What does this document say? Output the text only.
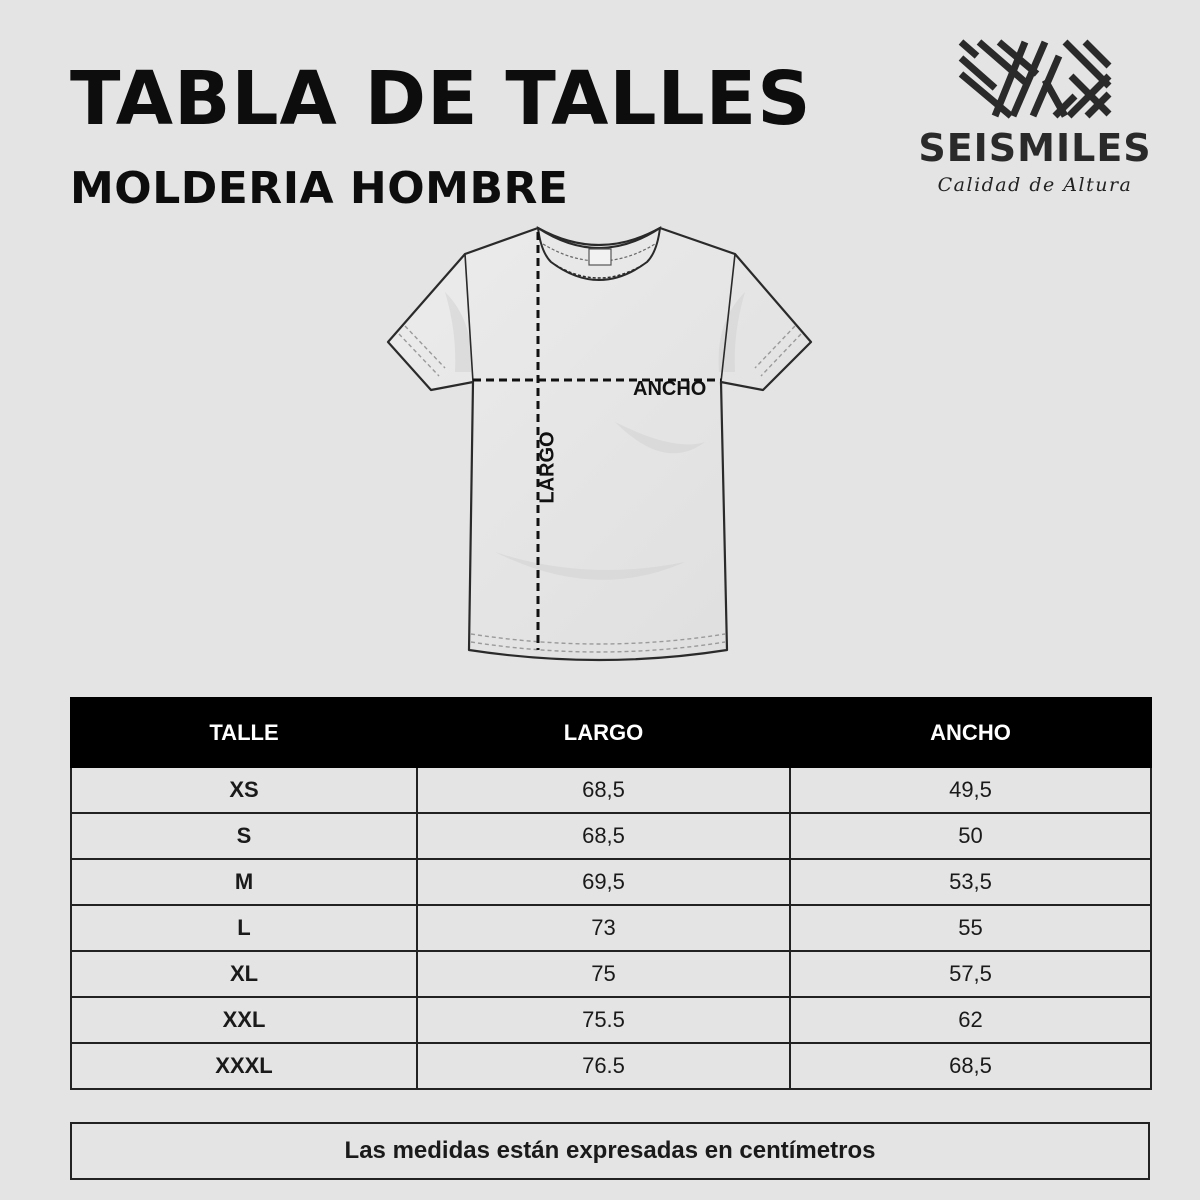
TABLA DE TALLES
MOLDERIA HOMBRE
SEISMILES
Calidad de Altura
ANCHO
LARGO
TALLE	LARGO	ANCHO
XS	68,5	49,5
S	68,5	50
M	69,5	53,5
L	73	55
XL	75	57,5
XXL	75.5	62
XXXL	76.5	68,5
Las medidas están expresadas en centímetros
